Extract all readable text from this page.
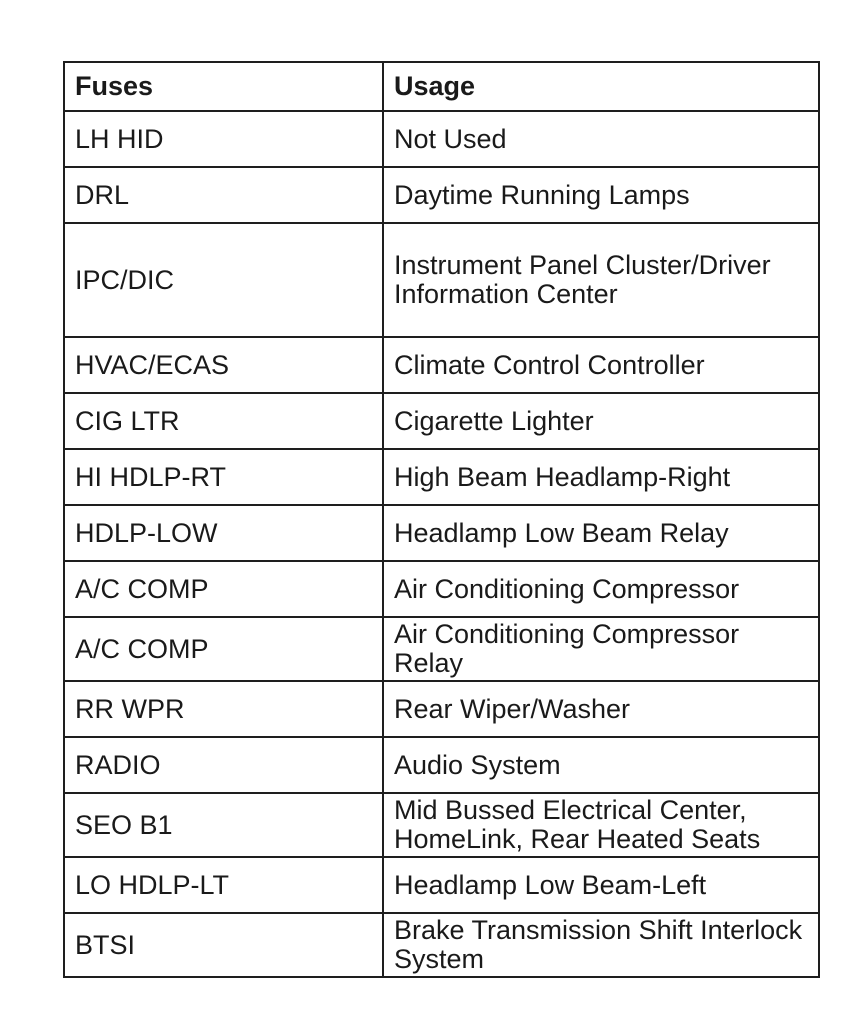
Fuses	Usage
LH HID	Not Used
DRL	Daytime Running Lamps
IPC/DIC	Instrument Panel Cluster/Driver Information Center
HVAC/ECAS	Climate Control Controller
CIG LTR	Cigarette Lighter
HI HDLP-RT	High Beam Headlamp-Right
HDLP-LOW	Headlamp Low Beam Relay
A/C COMP	Air Conditioning Compressor
A/C COMP	Air Conditioning Compressor Relay
RR WPR	Rear Wiper/Washer
RADIO	Audio System
SEO B1	Mid Bussed Electrical Center, HomeLink, Rear Heated Seats
LO HDLP-LT	Headlamp Low Beam-Left
BTSI	Brake Transmission Shift Interlock System
